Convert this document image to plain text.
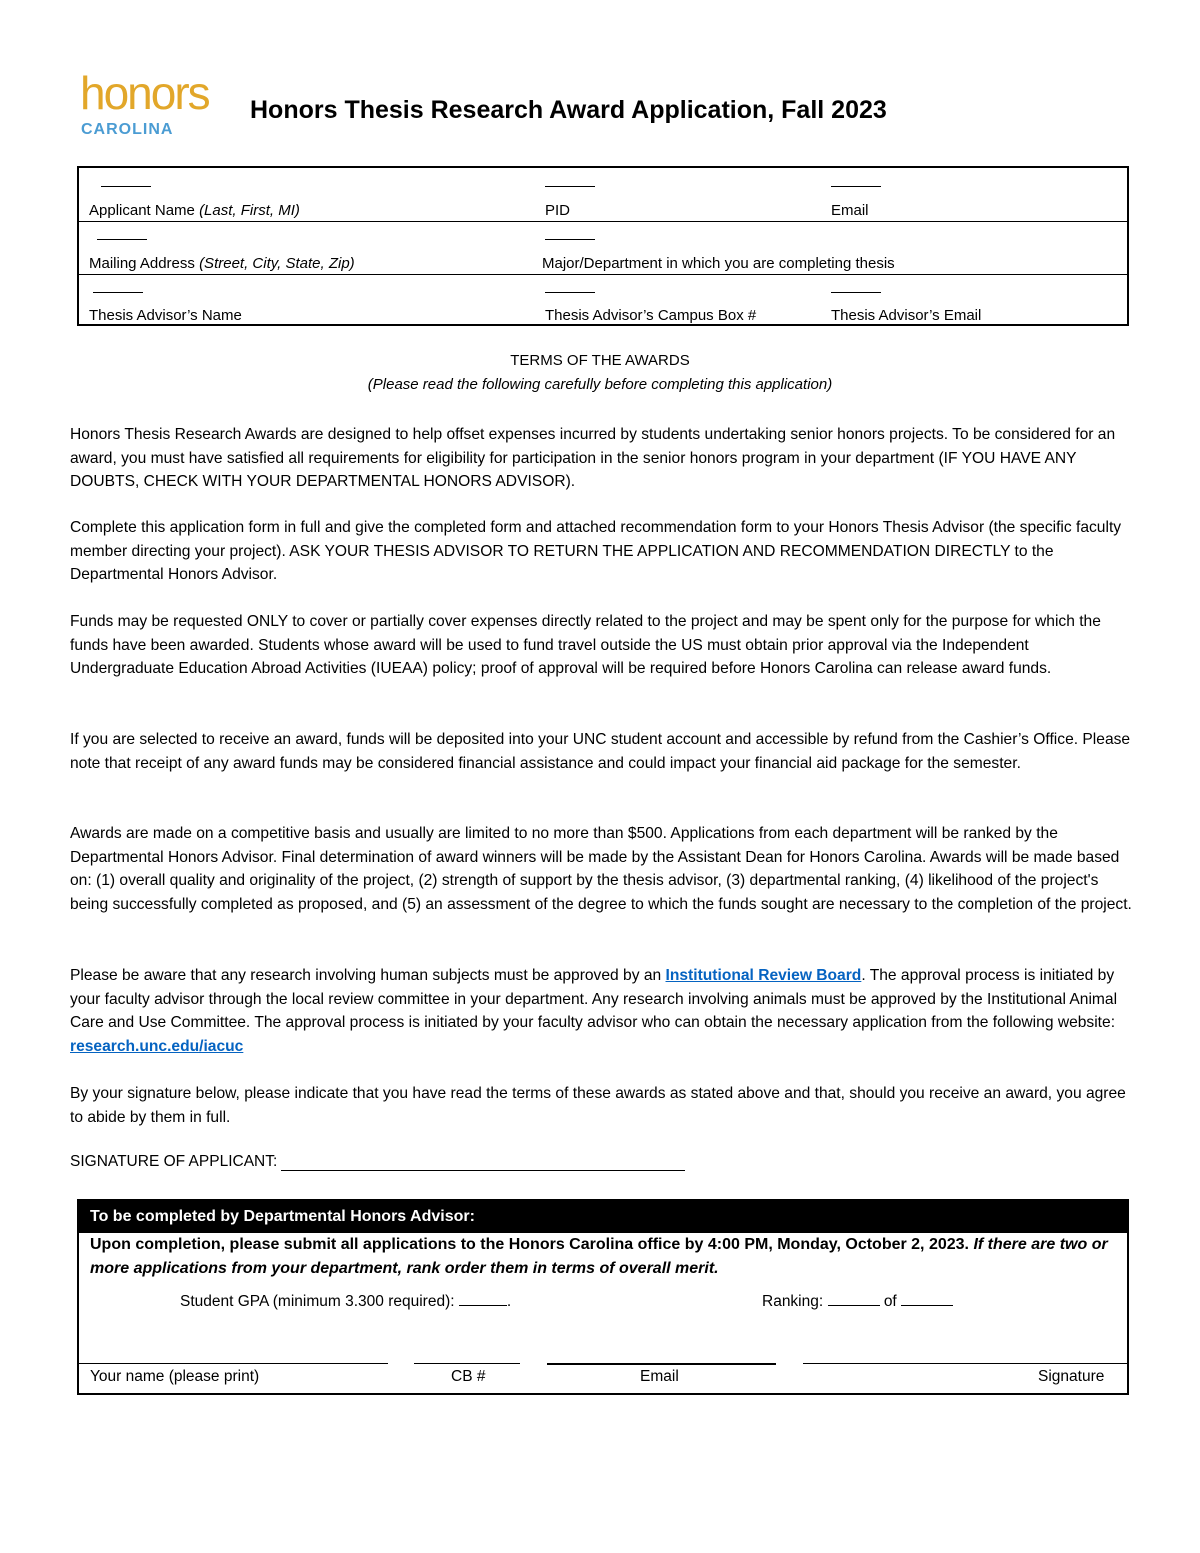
honors
CAROLINA
Honors Thesis Research Award Application, Fall 2023
Applicant Name (Last, First, MI)	PID	Email
Mailing Address (Street, City, State, Zip)	Major/Department in which you are completing thesis
Thesis Advisor’s Name	Thesis Advisor’s Campus Box #	Thesis Advisor’s Email
TERMS OF THE AWARDS
(Please read the following carefully before completing this application)

Honors Thesis Research Awards are designed to help offset expenses incurred by students undertaking senior honors projects. To be considered for an award, you must have satisfied all requirements for eligibility for participation in the senior honors program in your department (IF YOU HAVE ANY DOUBTS, CHECK WITH YOUR DEPARTMENTAL HONORS ADVISOR).

Complete this application form in full and give the completed form and attached recommendation form to your Honors Thesis Advisor (the specific faculty member directing your project). ASK YOUR THESIS ADVISOR TO RETURN THE APPLICATION AND RECOMMENDATION DIRECTLY to the Departmental Honors Advisor.

Funds may be requested ONLY to cover or partially cover expenses directly related to the project and may be spent only for the purpose for which the funds have been awarded. Students whose award will be used to fund travel outside the US must obtain prior approval via the Independent Undergraduate Education Abroad Activities (IUEAA) policy; proof of approval will be required before Honors Carolina can release award funds.

If you are selected to receive an award, funds will be deposited into your UNC student account and accessible by refund from the Cashier’s Office. Please note that receipt of any award funds may be considered financial assistance and could impact your financial aid package for the semester.

Awards are made on a competitive basis and usually are limited to no more than $500. Applications from each department will be ranked by the Departmental Honors Advisor. Final determination of award winners will be made by the Assistant Dean for Honors Carolina. Awards will be made based on: (1) overall quality and originality of the project, (2) strength of support by the thesis advisor, (3) departmental ranking, (4) likelihood of the project's being successfully completed as proposed, and (5) an assessment of the degree to which the funds sought are necessary to the completion of the project.

Please be aware that any research involving human subjects must be approved by an Institutional Review Board. The approval process is initiated by your faculty advisor through the local review committee in your department. Any research involving animals must be approved by the Institutional Animal Care and Use Committee. The approval process is initiated by your faculty advisor who can obtain the necessary application from the following website: research.unc.edu/iacuc

By your signature below, please indicate that you have read the terms of these awards as stated above and that, should you receive an award, you agree to abide by them in full.

SIGNATURE OF APPLICANT:
To be completed by Departmental Honors Advisor:

Upon completion, please submit all applications to the Honors Carolina office by 4:00 PM, Monday, October 2, 2023. If there are two or more applications from your department, rank order them in terms of overall merit.

Student GPA (minimum 3.300 required):	.	Ranking:	of
Your name (please print)	CB #	Email	Signature
